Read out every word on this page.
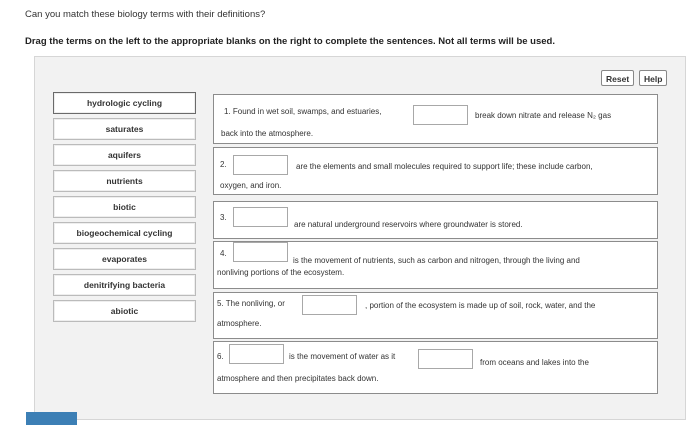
Can you match these biology terms with their definitions?
Drag the terms on the left to the appropriate blanks on the right to complete the sentences. Not all terms will be used.
Reset	Help
hydrologic cycling
saturates
aquifers
nutrients
biotic
biogeochemical cycling
evaporates
denitrifying bacteria
abiotic
1. Found in wet soil, swamps, and estuaries,	break down nitrate and release N₂ gas
back into the atmosphere.
2.	are the elements and small molecules required to support life; these include carbon,
oxygen, and iron.
3.
are natural underground reservoirs where groundwater is stored.
4.
is the movement of nutrients, such as carbon and nitrogen, through the living and
nonliving portions of the ecosystem.
5. The nonliving, or	, portion of the ecosystem is made up of soil, rock, water, and the
atmosphere.
6.	is the movement of water as it
from oceans and lakes into the
atmosphere and then precipitates back down.
